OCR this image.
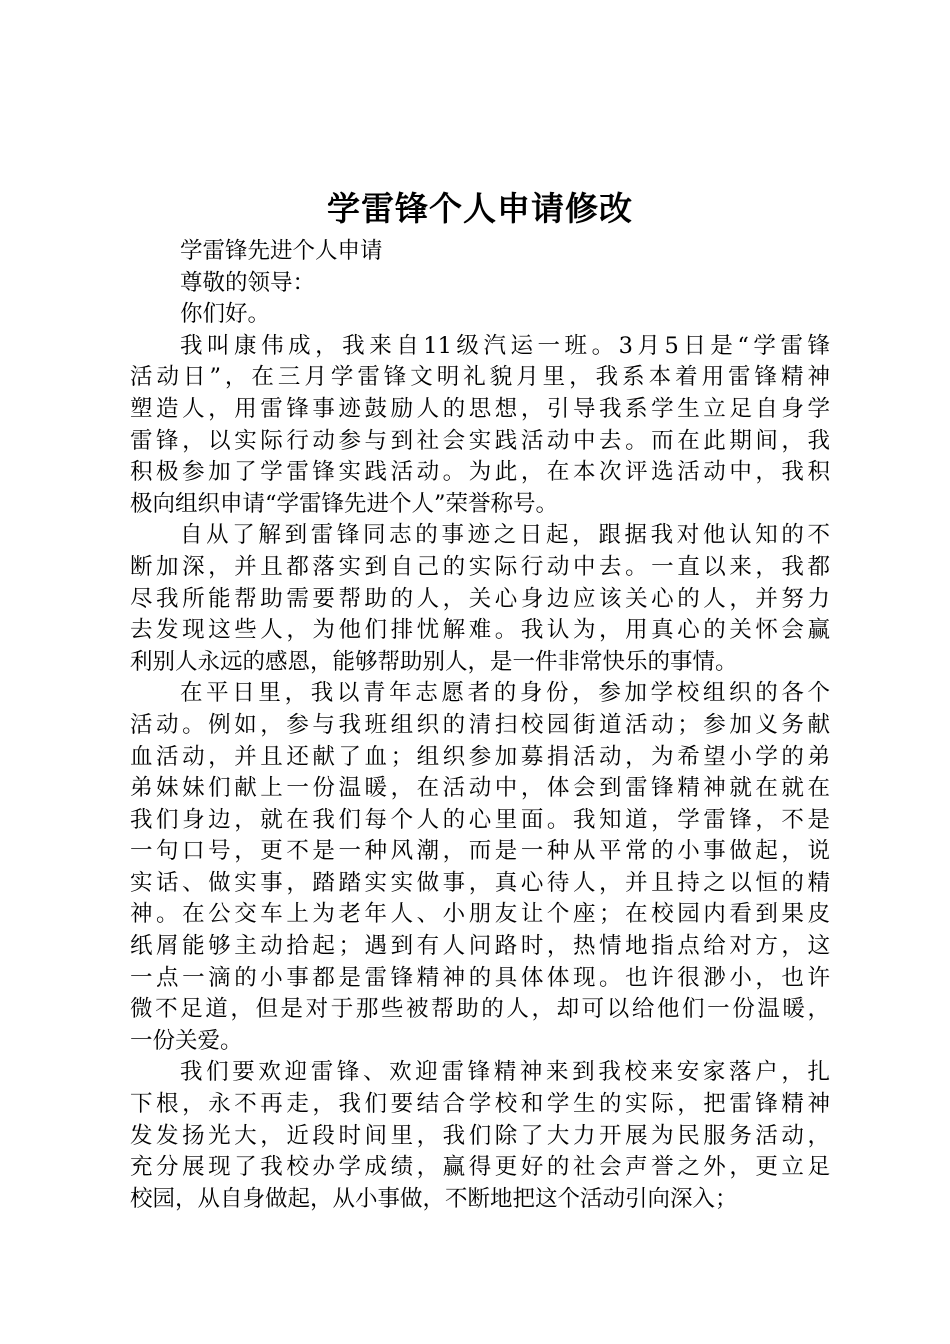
学雷锋个人申请修改

学雷锋先进个人申请

尊敬的领导：

你们好。

我叫康伟成，我来自11级汽运一班。3月5日是“学雷锋
活动日”，在三月学雷锋文明礼貌月里，我系本着用雷锋精神
塑造人，用雷锋事迹鼓励人的思想，引导我系学生立足自身学
雷锋，以实际行动参与到社会实践活动中去。而在此期间，我
积极参加了学雷锋实践活动。为此，在本次评选活动中，我积
极向组织申请“学雷锋先进个人”荣誉称号。

自从了解到雷锋同志的事迹之日起，跟据我对他认知的不
断加深，并且都落实到自己的实际行动中去。一直以来，我都
尽我所能帮助需要帮助的人，关心身边应该关心的人，并努力
去发现这些人，为他们排忧解难。我认为，用真心的关怀会赢
利别人永远的感恩，能够帮助别人，是一件非常快乐的事情。

在平日里，我以青年志愿者的身份，参加学校组织的各个
活动。例如，参与我班组织的清扫校园街道活动；参加义务献
血活动，并且还献了血；组织参加募捐活动，为希望小学的弟
弟妹妹们献上一份温暖，在活动中，体会到雷锋精神就在就在
我们身边，就在我们每个人的心里面。我知道，学雷锋，不是
一句口号，更不是一种风潮，而是一种从平常的小事做起，说
实话、做实事，踏踏实实做事，真心待人，并且持之以恒的精
神。在公交车上为老年人、小朋友让个座；在校园内看到果皮
纸屑能够主动拾起；遇到有人问路时，热情地指点给对方，这
一点一滴的小事都是雷锋精神的具体体现。也许很渺小，也许
微不足道，但是对于那些被帮助的人，却可以给他们一份温暖，
一份关爱。

我们要欢迎雷锋、欢迎雷锋精神来到我校来安家落户，扎
下根，永不再走，我们要结合学校和学生的实际，把雷锋精神
发发扬光大，近段时间里，我们除了大力开展为民服务活动，
充分展现了我校办学成绩，赢得更好的社会声誉之外，更立足
校园，从自身做起，从小事做，不断地把这个活动引向深入；
